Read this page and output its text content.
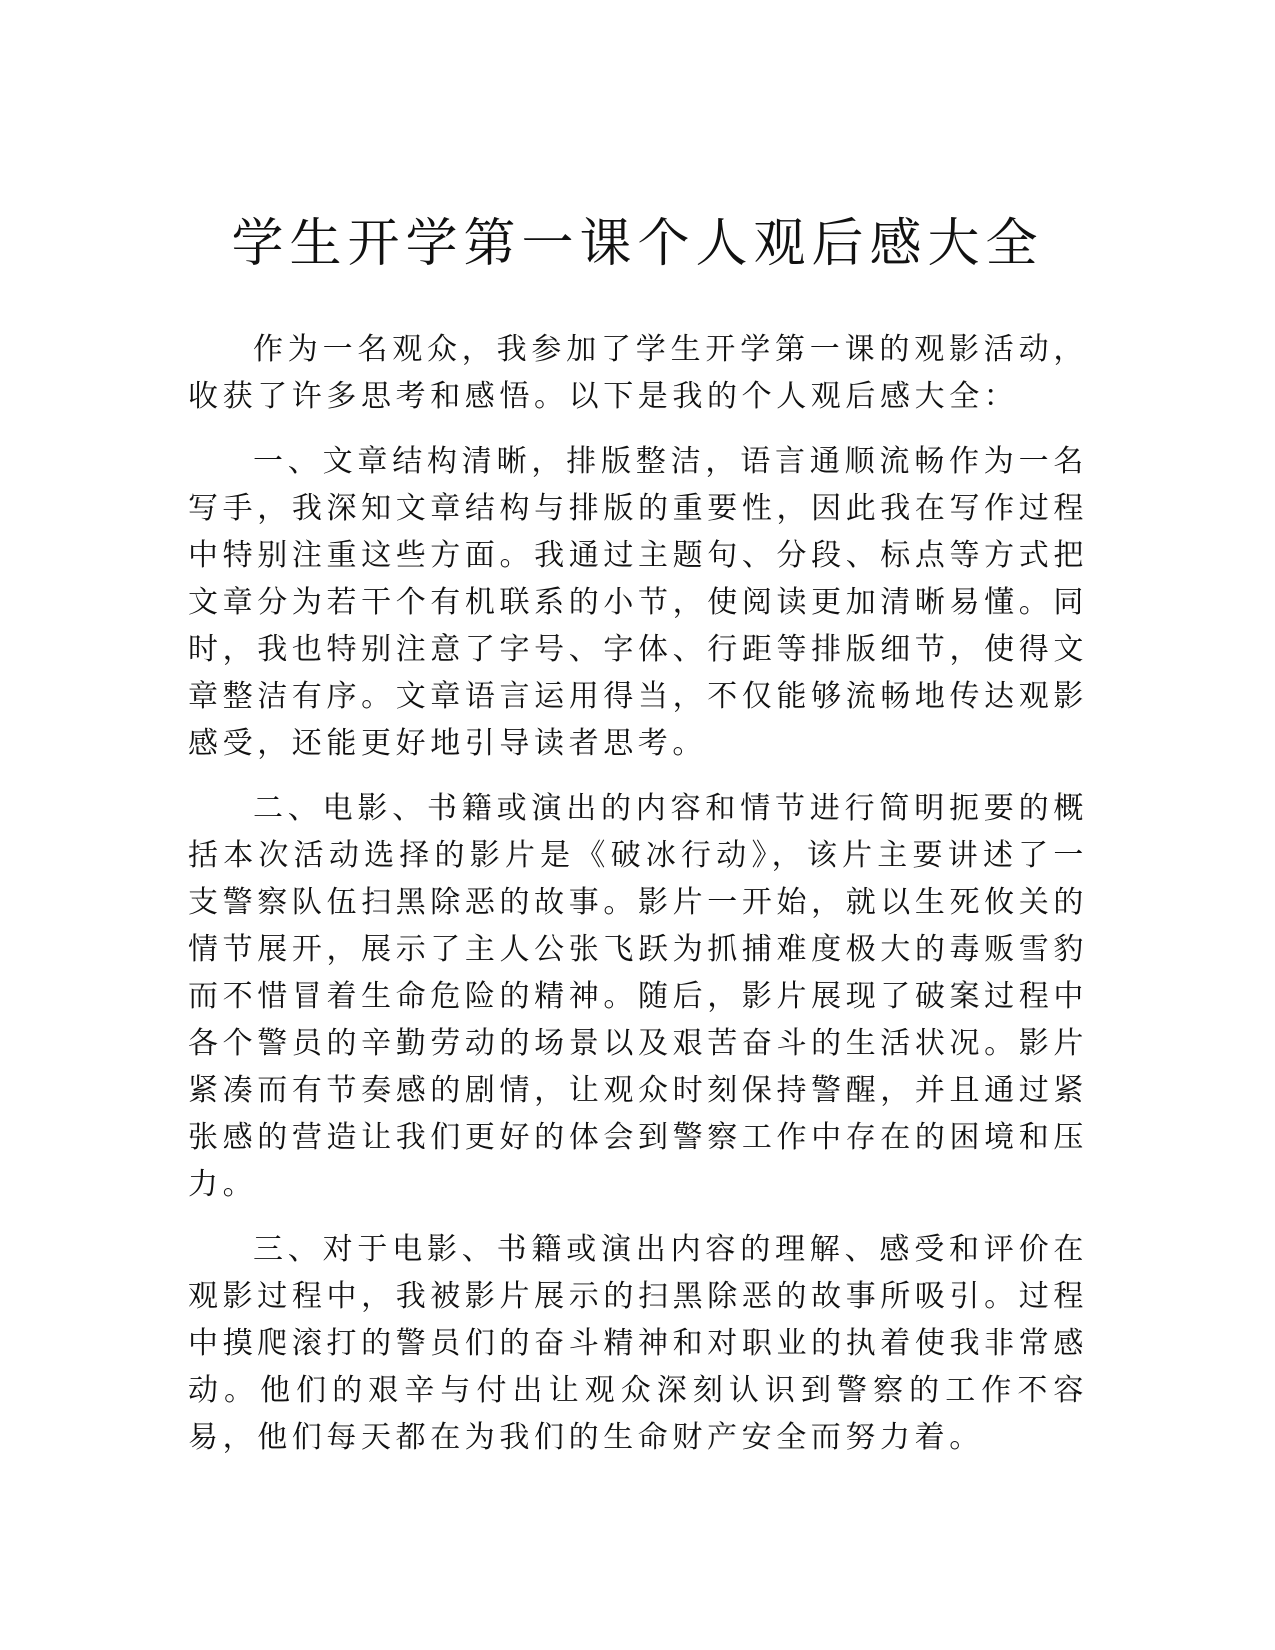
学生开学第一课个人观后感大全

作为一名观众，我参加了学生开学第一课的观影活动，收获了许多思考和感悟。以下是我的个人观后感大全：

一、文章结构清晰，排版整洁，语言通顺流畅作为一名写手，我深知文章结构与排版的重要性，因此我在写作过程中特别注重这些方面。我通过主题句、分段、标点等方式把文章分为若干个有机联系的小节，使阅读更加清晰易懂。同时，我也特别注意了字号、字体、行距等排版细节，使得文章整洁有序。文章语言运用得当，不仅能够流畅地传达观影感受，还能更好地引导读者思考。

二、电影、书籍或演出的内容和情节进行简明扼要的概括本次活动选择的影片是《破冰行动》，该片主要讲述了一支警察队伍扫黑除恶的故事。影片一开始，就以生死攸关的情节展开，展示了主人公张飞跃为抓捕难度极大的毒贩雪豹而不惜冒着生命危险的精神。随后，影片展现了破案过程中各个警员的辛勤劳动的场景以及艰苦奋斗的生活状况。影片紧凑而有节奏感的剧情，让观众时刻保持警醒，并且通过紧张感的营造让我们更好的体会到警察工作中存在的困境和压力。

三、对于电影、书籍或演出内容的理解、感受和评价在观影过程中，我被影片展示的扫黑除恶的故事所吸引。过程中摸爬滚打的警员们的奋斗精神和对职业的执着使我非常感动。他们的艰辛与付出让观众深刻认识到警察的工作不容易，他们每天都在为我们的生命财产安全而努力着。
